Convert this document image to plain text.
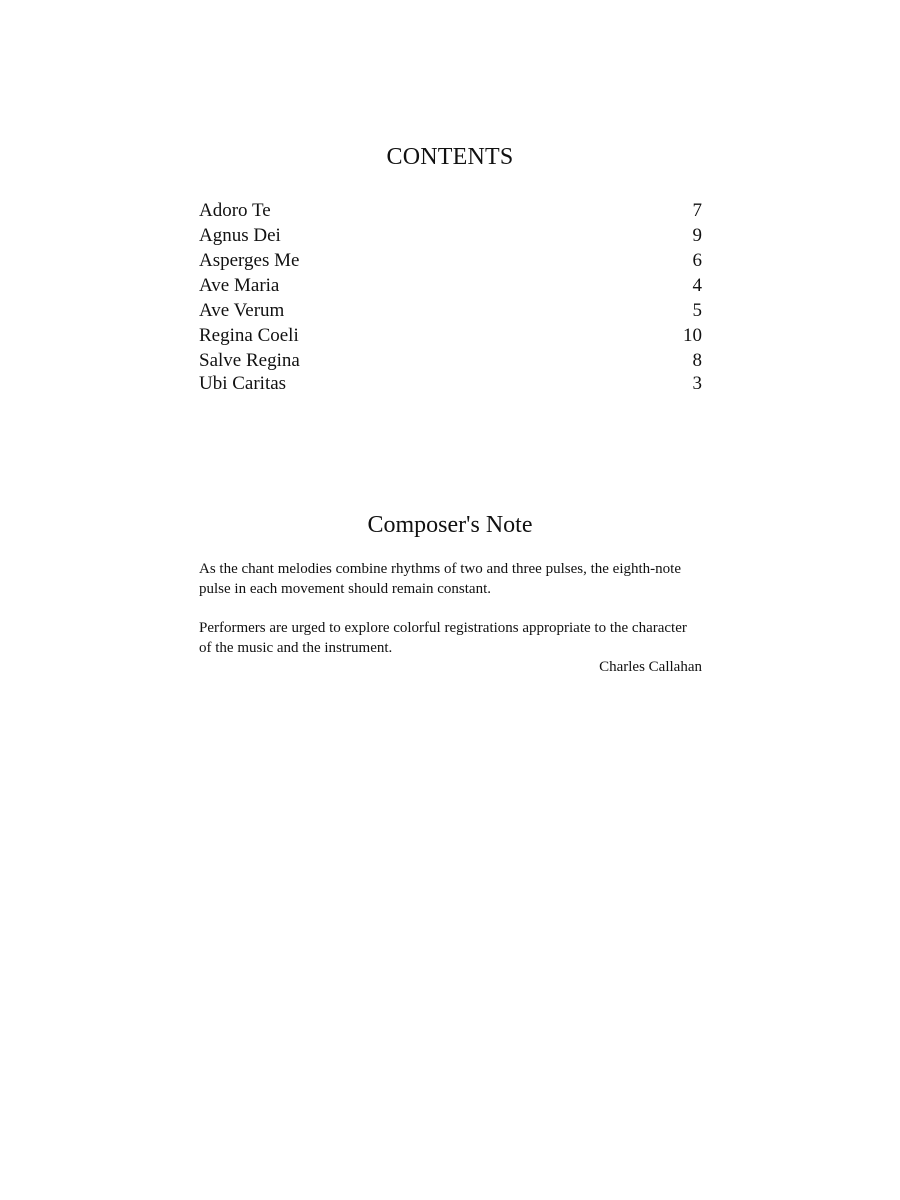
CONTENTS
Adoro Te	7
Agnus Dei	9
Asperges Me	6
Ave Maria	4
Ave Verum	5
Regina Coeli	10
Salve Regina	8
Ubi Caritas	3
Composer's Note

As the chant melodies combine rhythms of two and three pulses, the eighth-note pulse in each movement should remain constant.

Performers are urged to explore colorful registrations appropriate to the character of the music and the instrument.

Charles Callahan
